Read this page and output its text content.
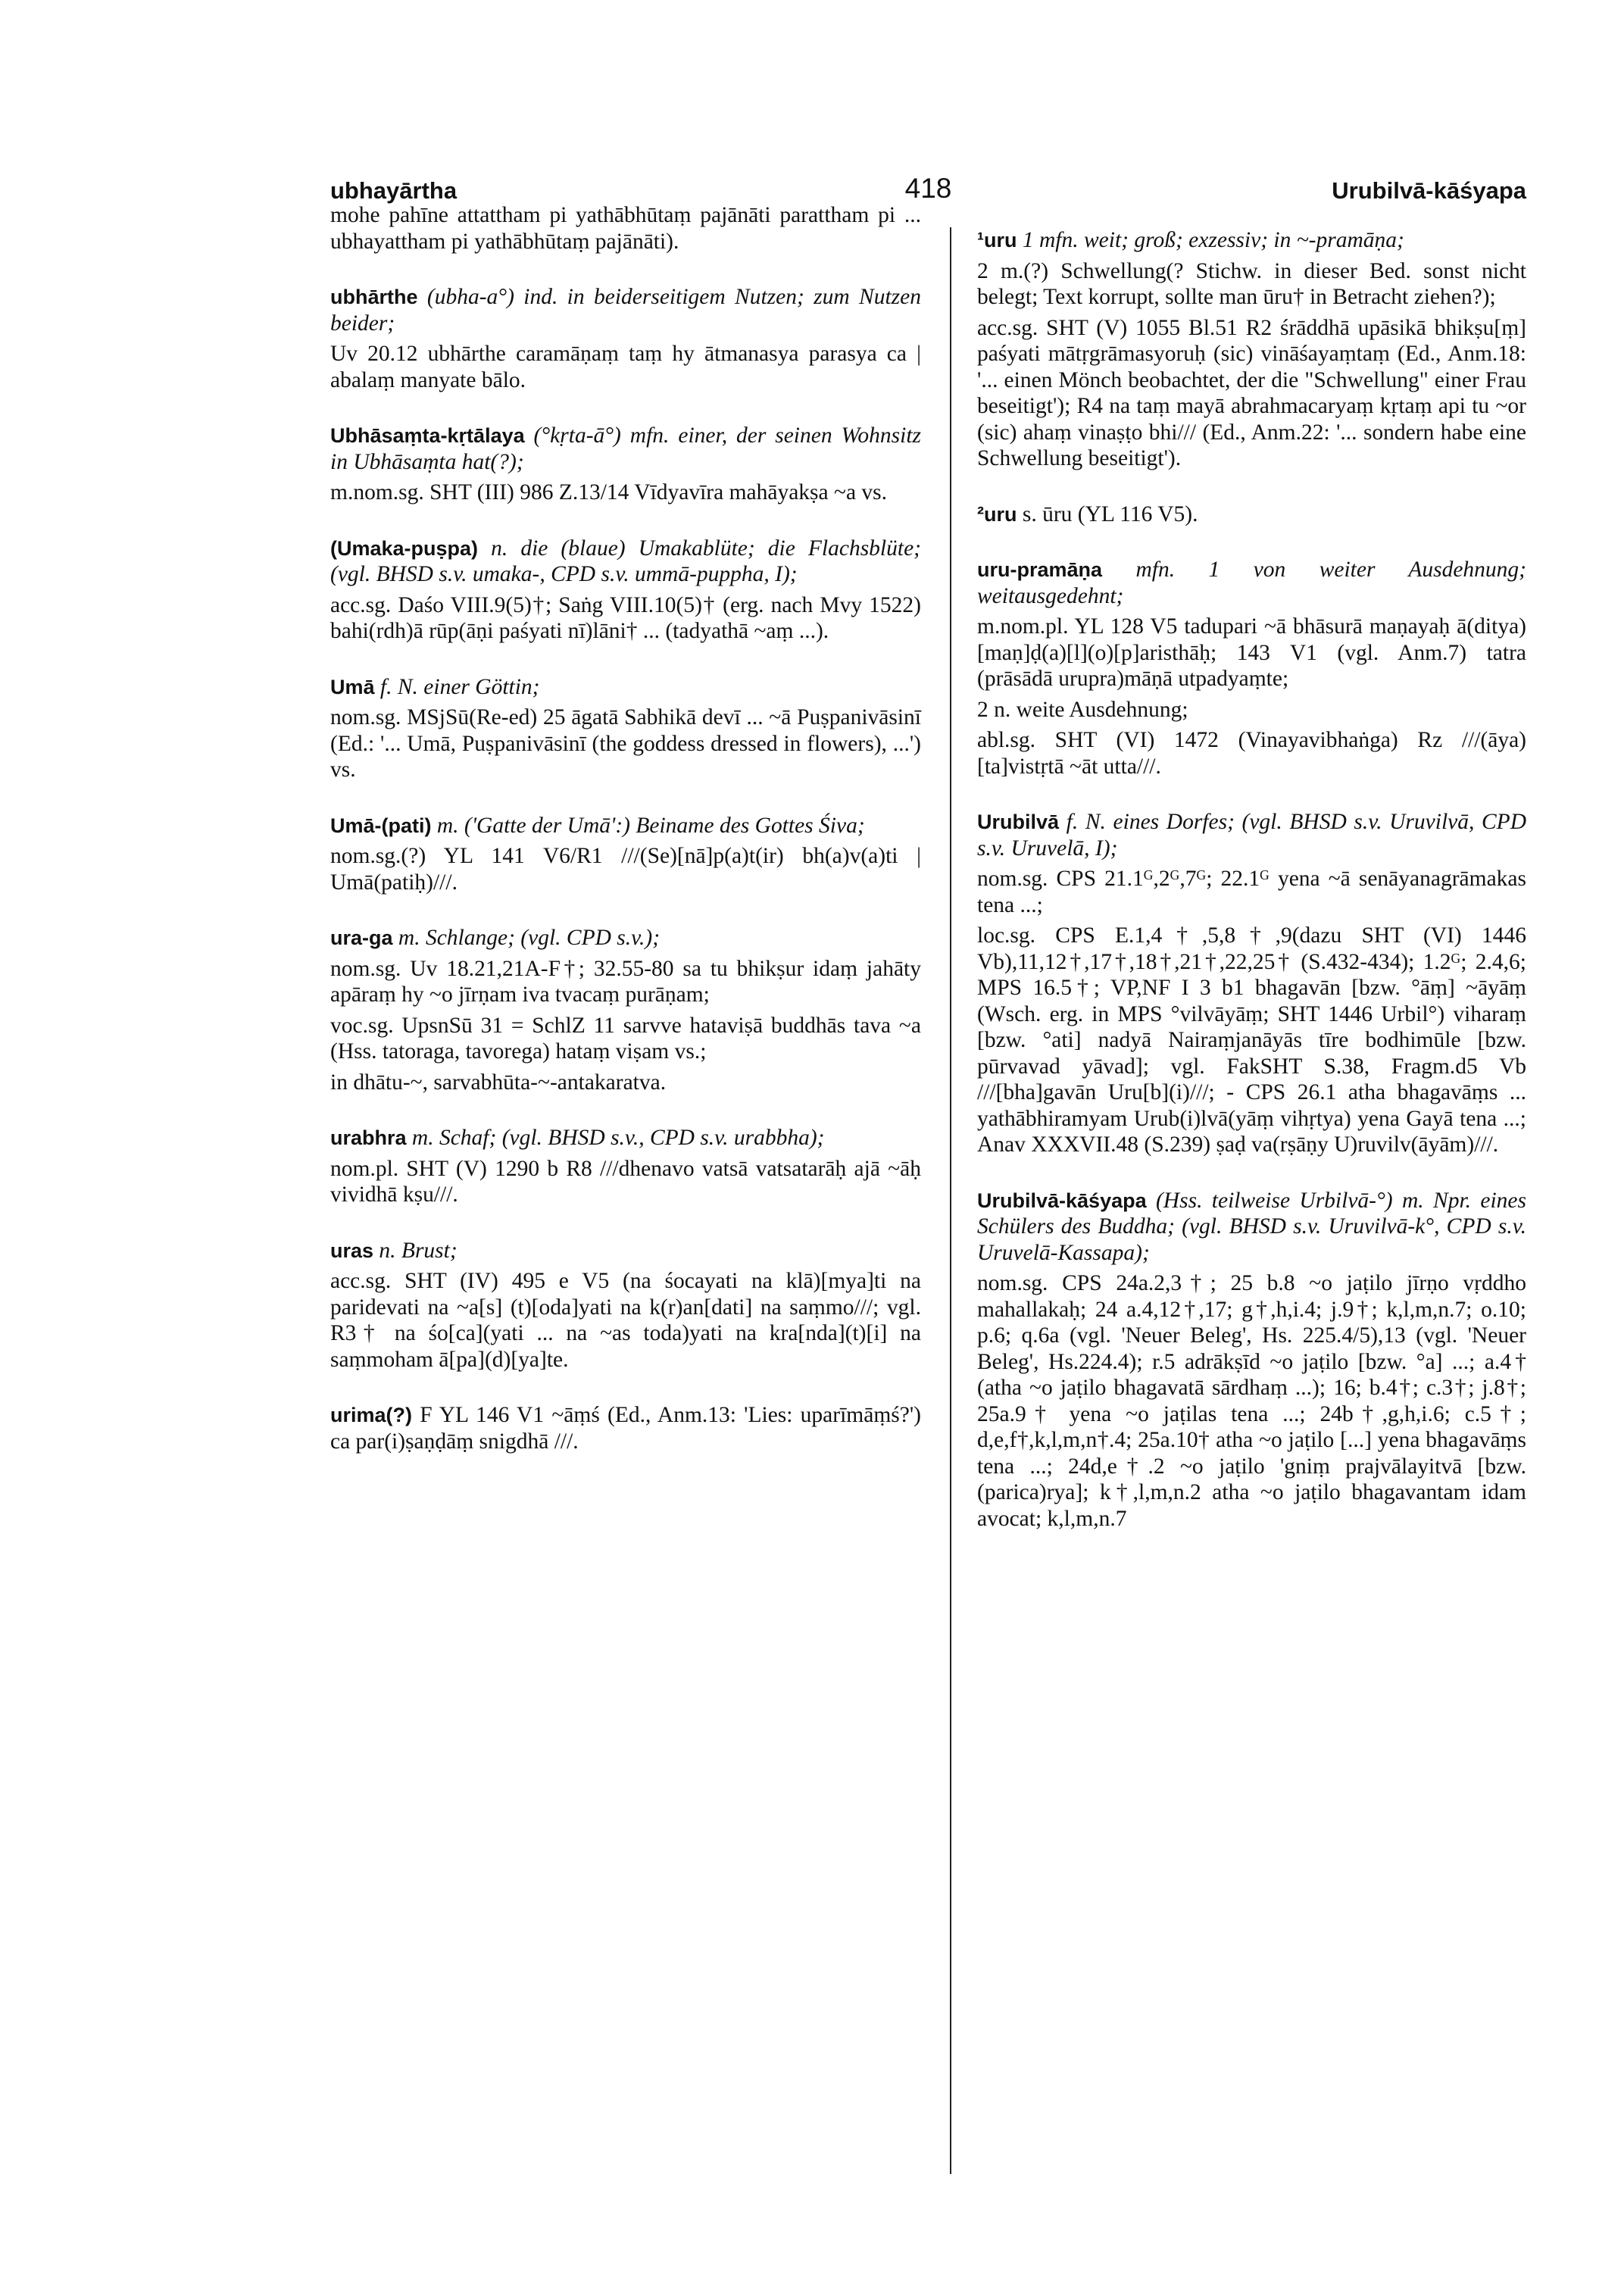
ubhayārtha	418	Urubilvā-kāśyapa
mohe pahīne attattham pi yathābhūtaṃ pajānāti parattham pi ... ubhayattham pi yathābhūtaṃ pajānāti).
ubhārthe (ubha-a°) ind. in beiderseitigem Nutzen; zum Nutzen beider;
Uv 20.12 ubhārthe caramāṇaṃ taṃ hy ātmanasya parasya ca | abalaṃ manyate bālo.
Ubhāsaṃta-kṛtālaya (°kṛta-ā°) mfn. einer, der seinen Wohnsitz in Ubhāsaṃta hat(?);
m.nom.sg. SHT (III) 986 Z.13/14 Vīdyavīra mahāyakṣa ~a vs.
(Umaka-puṣpa) n. die (blaue) Umakablüte; die Flachsblüte; (vgl. BHSD s.v. umaka-, CPD s.v. ummā-puppha, I);
acc.sg. Daśo VIII.9(5)†; Saṅg VIII.10(5)† (erg. nach Mvy 1522) bahi(rdh)ā rūp(āṇi paśyati nī)lāni† ... (tadyathā ~aṃ ...).
Umā f. N. einer Göttin;
nom.sg. MSjSū(Re-ed) 25 āgatā Sabhikā devī ... ~ā Puṣpanivāsinī (Ed.: '... Umā, Puṣpanivāsinī (the goddess dressed in flowers), ...') vs.
Umā-(pati) m. ('Gatte der Umā':) Beiname des Gottes Śiva;
nom.sg.(?) YL 141 V6/R1 ///(Se)[nā]p(a)t(ir) bh(a)v(a)ti | Umā(patiḥ)///.
ura-ga m. Schlange; (vgl. CPD s.v.);
nom.sg. Uv 18.21,21A-F†; 32.55-80 sa tu bhikṣur idaṃ jahāty apāraṃ hy ~o jīrṇam iva tvacaṃ purāṇam;
voc.sg. UpsnSū 31 = SchlZ 11 sarvve hataviṣā buddhās tava ~a (Hss. tatoraga, tavorega) hataṃ viṣam vs.;
in dhātu-~, sarvabhūta-~-antakaratva.
urabhra m. Schaf; (vgl. BHSD s.v., CPD s.v. urabbha);
nom.pl. SHT (V) 1290 b R8 ///dhenavo vatsā vatsatarāḥ ajā ~āḥ vividhā kṣu///.
uras n. Brust;
acc.sg. SHT (IV) 495 e V5 (na śocayati na klā)[mya]ti na paridevati na ~a[s] (t)[oda]yati na k(r)an[dati] na saṃmo///; vgl. R3† na śo[ca](yati ... na ~as toda)yati na kra[nda](t)[i] na saṃmoham ā[pa](d)[ya]te.
urima(?) F YL 146 V1 ~āṃś (Ed., Anm.13: 'Lies: uparīmāṃś?') ca par(i)ṣaṇḍāṃ snigdhā ///.
¹uru 1 mfn. weit; groß; exzessiv; in ~-pramāṇa;
2 m.(?) Schwellung(? Stichw. in dieser Bed. sonst nicht belegt; Text korrupt, sollte man ūru† in Betracht ziehen?);
acc.sg. SHT (V) 1055 Bl.51 R2 śrāddhā upāsikā bhikṣu[ṃ] paśyati mātṛgrāmasyoruḥ (sic) vināśayaṃtaṃ (Ed., Anm.18: '... einen Mönch beobachtet, der die "Schwellung" einer Frau beseitigt'); R4 na taṃ mayā abrahmacaryaṃ kṛtaṃ api tu ~or (sic) ahaṃ vinaṣṭo bhi/// (Ed., Anm.22: '... sondern habe eine Schwellung beseitigt').
²uru s. ūru (YL 116 V5).
uru-pramāṇa mfn. 1 von weiter Ausdehnung; weitausgedehnt;
m.nom.pl. YL 128 V5 tadupari ~ā bhāsurā maṇayaḥ ā(ditya)[maṇ]ḍ(a)[l](o)[p]aristhāḥ; 143 V1 (vgl. Anm.7) tatra (prāsādā urupra)māṇā utpadyaṃte;
2 n. weite Ausdehnung;
abl.sg. SHT (VI) 1472 (Vinayavibhaṅga) Rz ///(āya)[ta]vistṛtā ~āt utta///.
Urubilvā f. N. eines Dorfes; (vgl. BHSD s.v. Uruvilvā, CPD s.v. Uruvelā, I);
nom.sg. CPS 21.1ᴳ,2ᴳ,7ᴳ; 22.1ᴳ yena ~ā senāyanagrāmakas tena ...;
loc.sg. CPS E.1,4†,5,8†,9(dazu SHT (VI) 1446 Vb),11,12†,17†,18†,21†,22,25† (S.432-434); 1.2ᴳ; 2.4,6; MPS 16.5†; VP,NF I 3 b1 bhagavān [bzw. °āṃ] ~āyāṃ (Wsch. erg. in MPS °vilvāyāṃ; SHT 1446 Urbil°) viharaṃ [bzw. °ati] nadyā Nairaṃjanāyās tīre bodhimūle [bzw. pūrvavad yāvad]; vgl. FakSHT S.38, Fragm.d5 Vb ///[bha]gavān Uru[b](i)///; - CPS 26.1 atha bhagavāṃs ... yathābhiramyam Urub(i)lvā(yāṃ vihṛtya) yena Gayā tena ...; Anav XXXVII.48 (S.239) ṣaḍ va(rṣāṇy U)ruvilv(āyām)///.
Urubilvā-kāśyapa (Hss. teilweise Urbilvā-°) m. Npr. eines Schülers des Buddha; (vgl. BHSD s.v. Uruvilvā-k°, CPD s.v. Uruvelā-Kassapa);
nom.sg. CPS 24a.2,3†; 25 b.8 ~o jaṭilo jīrṇo vṛddho mahallakaḥ; 24 a.4,12†,17; g†,h,i.4; j.9†; k,l,m,n.7; o.10; p.6; q.6a (vgl. 'Neuer Beleg', Hs. 225.4/5),13 (vgl. 'Neuer Beleg', Hs.224.4); r.5 adrākṣīd ~o jaṭilo [bzw. °a] ...; a.4† (atha ~o jaṭilo bhagavatā sārdhaṃ ...); 16; b.4†; c.3†; j.8†; 25a.9† yena ~o jaṭilas tena ...; 24b†,g,h,i.6; c.5†; d,e,f†,k,l,m,n†.4; 25a.10† atha ~o jaṭilo [...] yena bhagavāṃs tena ...; 24d,e†.2 ~o jaṭilo 'gniṃ prajvālayitvā [bzw. (parica)rya]; k†,l,m,n.2 atha ~o jaṭilo bhagavantam idam avocat; k,l,m,n.7
